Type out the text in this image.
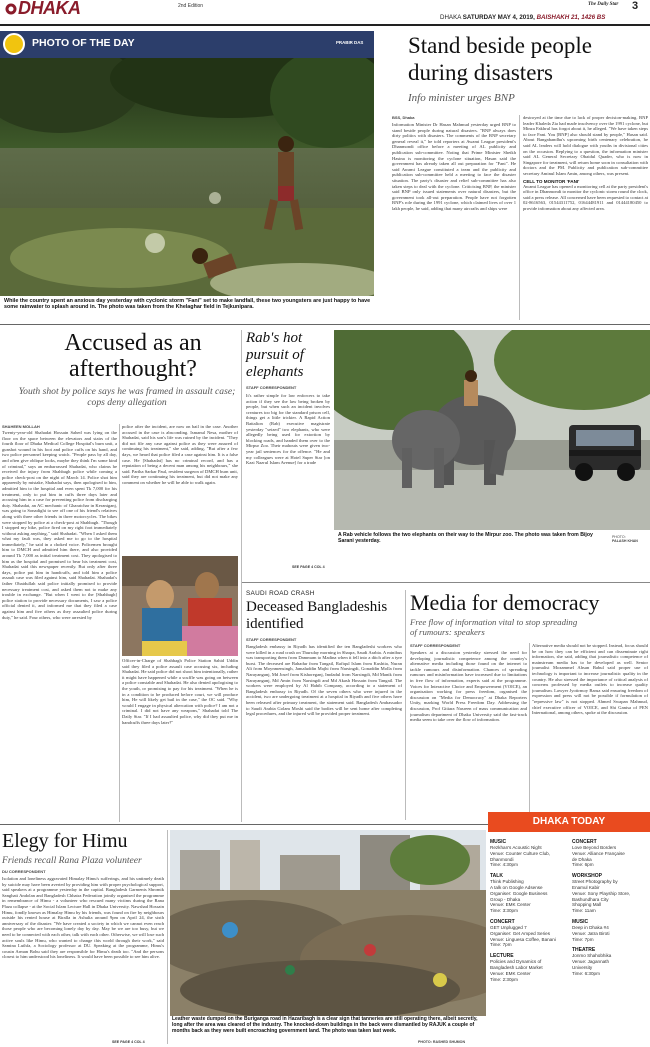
DHAKA	2nd Edition	The Daily Star 3
DHAKA SATURDAY MAY 4, 2019, BAISHAKH 21, 1426 BS
PHOTO OF THE DAY	PRABIR DAS
While the country spent an anxious day yesterday with cyclonic storm "Fani" set to make landfall, these two youngsters are just happy to have some rainwater to splash around in. The photo was taken from the Khelaghar field in Tejkunipara.
Stand beside people during disasters
Info minister urges BNP
BSS, Dhaka
Information Minister Dr Hasan Mahmud yesterday urged BNP to stand beside people during natural disasters. "BNP always does dirty politics with disasters. The comments of the BNP secretary general reveal it," he told reporters at Awami League president's Dhanmondi office before a meeting of AL publicity and publication sub-committee. Noting that Prime Minister Sheikh Hasina is monitoring the cyclone situation, Hasan said the government has already taken all out preparation for "Fani". He said Awami League constituted a team and the publicity and publication sub-committee held a meeting to face the disaster situation. The party's disaster and relief sub-committee has also taken steps to deal with the cyclone. Criticising BNP, the minister said BNP only issued statements over natural disasters, but the government took all-out preparation. People have not forgotten BNP's role during the 1991 cyclone, which claimed lives of over 1 lakh people, he said, adding that many aircrafts and ships were
destroyed at the time due to lack of proper decision-making. BNP leader Khaleda Zia had made insolvency over the 1991 cyclone, but Minza Fakhrul has forgot about it, he alleged. "We have taken steps to face Fani. You [BNP] also should stand by people," Hasan said. About Bangabandhu's upcoming birth centenary celebration, he said AL leaders will hold dialogue with youths in divisional cities on the occasion. Replying to a question, the information minister said AL General Secretary Obaidul Quader, who is now in Singapore for treatment, will return home soon in consultation with doctors and the PM. Publicity and publication sub-committee secretary Aminul Islam Amin, among others, was present.
CELL TO MONITOR 'FANI'
Awami League has opened a monitoring cell at the party president's office in Dhanmondi to monitor the cyclonic storm round the clock, said a press release. All concerned have been requested to contact at 02-8616563, 01544311752, 01644481911 and 01444180450 to provide information about any affected area.
Accused as an afterthought?
Youth shot by police says he was framed in assault case; cops deny allegation
SHAHEEN MOLLAH
Twenty-year-old Shahadat Hossain Sahed was lying on the floor on the space between the elevators and stairs of the fourth floor of Dhaka Medical College Hospital's burn unit, a gunshot wound in his foot and police cuffs on his hand, and two police personnel keeping watch. "People pass by all day, and often give oblique looks, maybe they think I'm some kind of criminal," says an embarrassed Shahadat, who claims he received the injury from Shahbagh police while coming a police check-post on the night of March 14. Police shot him apparently by mistake, Shahadat says, then apologised to him, admitted him to the hospital and even spent Tk 7,000 for his treatment, only to put him in cuffs three days later and accusing him in a case for preventing police from discharging duty. Shahadat, an AC mechanic of Gharatchar in Keraniganj, was going to Sonadighi to see off one of his friend's relatives along with three other friends in three motorcycles. The bikes were stopped by police at a check-post at Shahbagh. "Though I stopped my bike, police fired on my right foot immediately without asking anything," said Shahadat. "When I asked them what my fault was, they asked me to go to the hospital immediately," he said in a choked voice. Policemen brought him to DMCH and admitted him there, and also provided around Tk 7,000 as initial treatment cost. They apologised to him as the hospital and promised to bear his treatment cost, Shahadat said this newspaper recently. But only after three days, police put him in handcuffs, and told him a police assault case was filed against him, said Shahadat. Shahadat's father Obaidullah said police initially promised to provide necessary treatment cost, and asked them not to make any trouble in exchange. "But when I went to the [Shahbagh] police station to provide necessary documents, I saw a police official denied it, and informed me that they filed a case against him and five others as they assaulted police during duty," he said. Four others, who were arrested by
police after the incident, are now on bail in the case. Another accused in the case is absconding. Ismanul Nesa, mother of Shahadat, said his son's life was ruined by the incident. "They did not file any case against police as they were assured of continuing his treatment," she said, adding, "But after a few days, we heard that police filed a case against him. It is a false case. He [Shahadat] has no criminal record, and has a reputation of being a decent man among his neighbours," she said. Partha Sarkar Paul, resident surgeon of DMCH burn unit, said they are continuing his treatment, but did not make any comment on whether he will be able to walk again.
Officer-in-Charge of Shahbagh Police Station Sahid Uddin said they filed a police assault case accusing six, including Shahadat. He said police did not shoot him intentionally, rather it might have happened while a scuffle was going on between a police constable and Shahadat. He also denied apologising to the youth, or promising to pay for his treatment. "When he is in a condition to be produced before court, we will produce him, He will likely get bail in the case," the OC said. "Why would I engage in physical altercation with police? I am not a criminal. I did not have any weapons," Shahadat told The Daily Star. "If I had assaulted police, why did they put me in handcuffs three days later?"
Rab's hot pursuit of elephants
STAFF CORRESPONDENT
It's rather simple for law enforcers to take action if they see the law being broken by people, but when such an incident involves creatures too big for the standard prison cell, things get a little trickier. A Rapid Action Battalion (Rab) executive magistrate yesterday "seized" two elephants, who were allegedly being used for extortion by blocking roads, and handed them over to the Mirpur Zoo. Their mahouts were given two-year jail sentences for the offence. "He and my colleagues were at Hotel Super Star [on Kazi Nazrul Islam Avenue] for a trade
SEE PAGE 4 COL 4
A Rab vehicle follows the two elephants on their way to the Mirpur zoo. The photo was taken from Bijoy Sarani yesterday.
PHOTO:
PALASH KHAN
SAUDI ROAD CRASH
Deceased Bangladeshis identified
STAFF CORRESPONDENT
Bangladesh embassy in Riyadh has identified the ten Bangladeshi workers who were killed in a road crash on Thursday morning in Shaqra, Saudi Arabia. A minibus was transporting them from Dammam to Madina when it fell into a ditch after a tyre burst. The deceased are Bahadur from Tangail, Rafiqul Islam from Kushtia, Nuran Ali from Moynmensingh, Jamaluddin Majhi from Narsingdi, Gonaddin Molla from Narayanganj, Md Josef from Kishoreganj, Imdadul from Narsingdi, Md Manik from Narayanganj, Md Amin from Narsingdi and Md Akash Hossain from Tangail. The workers were employed by Al Habib Company, according to a statement of Bangladesh embassy in Riyadh. Of the seven others who were injured in the accident, two are undergoing treatment at a hospital in Riyadh and five others have been released after primary treatment, the statement said. Bangladesh Ambassador to Saudi Arabia Golam Moshi said the bodies will be sent home after completing legal procedures, and the injured will be provided proper treatment.
Media for democracy
Free flow of information vital to stop spreading of rumours: speakers
STAFF CORRESPONDENT
Speakers at a discussion yesterday stressed the need for developing journalistic competence among the country's alternative media including those found on the internet to tackle rumours and disinformation. Chances of spreading rumours and misinformation have increased due to limitations in free flow of information, experts said at the programme. Voices for Interactive Choice and Empowerment (VOICE), an organisation working for press freedom, organised the discussion on "Media for Democracy" at Dhaka Reporters Unity, marking World Press Freedom Day. Addressing the discussion, Prof Gitiara Nasreen of mass communication and journalism department of Dhaka University said the fast-track media seem to take over the flow of information.
Alternative media should not be stopped. Instead, focus should be on how they can be efficient and can disseminate right information, she said, adding that journalistic competence of mainstream media has to be developed as well. Senior journalist Mozammel Ahsan Babul said proper use of technology is important to increase journalistic quality in the country. He also stressed the importance of critical analysis of concerns professed by media outlets to increase quality journalism. Lawyer Jyotirmoy Barua said ensuring freedom of expression and press will not be possible if formulation of "repressive law" is not stopped. Ahmed Swapan Mahmud, chief executive officer of VOICE, and Shi Ganisa of PEN International, among others, spoke at the discussion.
Elegy for Himu
Friends recall Rana Plaza volunteer
DU CORRESPONDENT
Isolation and loneliness aggravated Himalay Himu's sufferings, and his untimely death by suicide may have been averted by providing him with proper psychological support, said speakers at a programme yesterday in the capital. Bangladesh Garments Shromik Sanghati Andolan and Bangladesh Chhatra Federation jointly organised the programme in remembrance of Himu - a volunteer who rescued many victims during the Rana Plaza collapse - at the Social Islam Lecture Hall in Dhaka University. Nawshad Hossain Himu, fondly known as Himalay Himu by his friends, was found on fire by neighbours outside his rented house at Biralla in Ashulia around 9pm on April 24, the sixth anniversary of the disaster. "We have created a society in which we cannot even reach those people who are becoming lonely day by day. May be we are too busy, but we need to be connected with each other, talk with each other. Otherwise, we will lose such active souls like Himu, who wanted to change this world through their work," said Samina Luthfa, a Sociology professor at DU. Speaking at the programme, Himu's cousin Arman Bohu said they are responsible for Himu's death too. "And the persons closest to him understood his loneliness. It would have been possible to see him alive.
SEE PAGE 4 COL 4
Leather waste dumped on the Buriganga road in Hazaribagh is a clear sign that tanneries are still operating there, albeit secretly, long after the area was cleared of the industry. The knocked-down buildings in the back were dismantled by RAJUK a couple of months back as they were built encroaching government land. The photo was taken last week.
PHOTO: RASHED SHUMON
DHAKA TODAY
MUSIC
Rezkhan's Acoustic Night
Venue: Counter Culture Club,
Dhanmondi
Time: 4:30pm
TALK
Think Publishing
A talk on Google Adsense
Organiser: Google Business
Group - Dhaka
Venue: EMK Center
Time: 3:30pm
CONCERT
GET Unplugged 7
Organiser: Get Amped Series
Venue: Linguesa Coffee, Banani
Time: 7pm
LECTURE
Policies and Dynamics of
Bangladesh Labor Market
Venue: EMK Center
Time: 2:30pm
CONCERT
Love Beyond Borders
Venue: Alliance Française
de Dhaka
Time: 6pm
WORKSHOP
Street Photography by
Enamul Kabir
Venue: Sony Playship Store,
Bashundhara City
Shopping Mall
Time: 11am
MUSIC
Deep in Dhaka #4
Venue: Jatra Biroti
Time: 7pm
THEATRE
Jonmo Shahobhika
Venue: Jagannath
University
Time: 6:30pm
